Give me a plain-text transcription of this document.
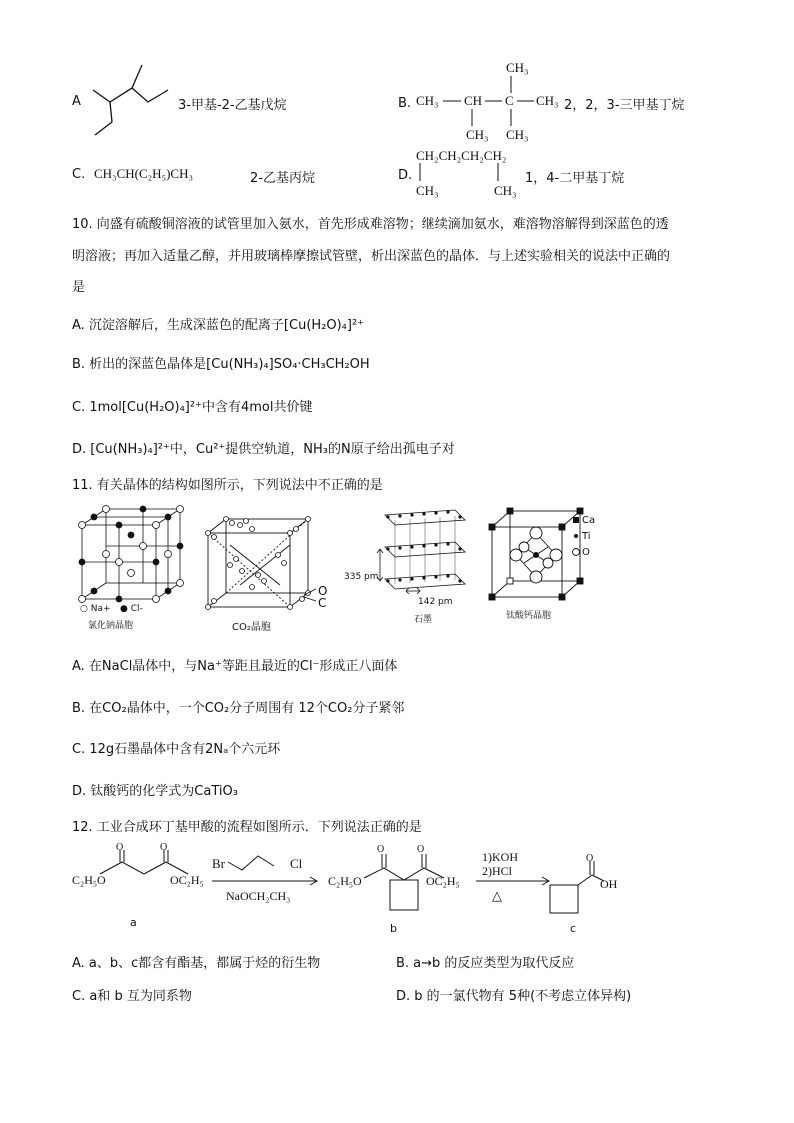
A	3-甲基-2-乙基戊烷	B. CH₃ CH C CH₃
CH₃
CH₃ CH₃
2，2，3-三甲基丁烷
C. CH₃CH(C₂H₅)CH₃	2-乙基丙烷	D.
CH₂CH₂CH₂CH₂
CH₃	CH₃
1，4-二甲基丁烷
10. 向盛有硫酸铜溶液的试管里加入氨水，首先形成难溶物；继续滴加氨水，难溶物溶解得到深蓝色的透
明溶液；再加入适量乙醇，并用玻璃棒摩擦试管壁，析出深蓝色的晶体．与上述实验相关的说法中正确的
是
A. 沉淀溶解后，生成深蓝色的配离子[Cu(H₂O)₄]²⁺
B. 析出的深蓝色晶体是[Cu(NH₃)₄]SO₄·CH₃CH₂OH
C. 1mol[Cu(H₂O)₄]²⁺中含有4mol共价键
D. [Cu(NH₃)₄]²⁺中，Cu²⁺提供空轨道，NH₃的N原子给出孤电子对
11. 有关晶体的结构如图所示，下列说法中不正确的是
○ Na+ ● Cl-
氯化钠晶胞
O
C
CO₂晶胞
335 pm
142 pm
石墨
Ca
Ti
O
钛酸钙晶胞
A. 在NaCl晶体中，与Na⁺等距且最近的Cl⁻形成正八面体
B. 在CO₂晶体中，一个CO₂分子周围有 12个CO₂分子紧邻
C. 12g石墨晶体中含有2Nₐ个六元环
D. 钛酸钙的化学式为CaTiO₃
12. 工业合成环丁基甲酸的流程如图所示．下列说法正确的是
O	O
C₂H₅O	OC₂H₅
a
Br	Cl
NaOCH₂CH₃
O	O
C₂H₅O	OC₂H₅
b
1)KOH
2)HCl
△
O
OH
c
A. a、b、c都含有酯基，都属于烃的衍生物	B. a→b 的反应类型为取代反应
C. a和 b 互为同系物	D. b 的一氯代物有 5种(不考虑立体异构)
